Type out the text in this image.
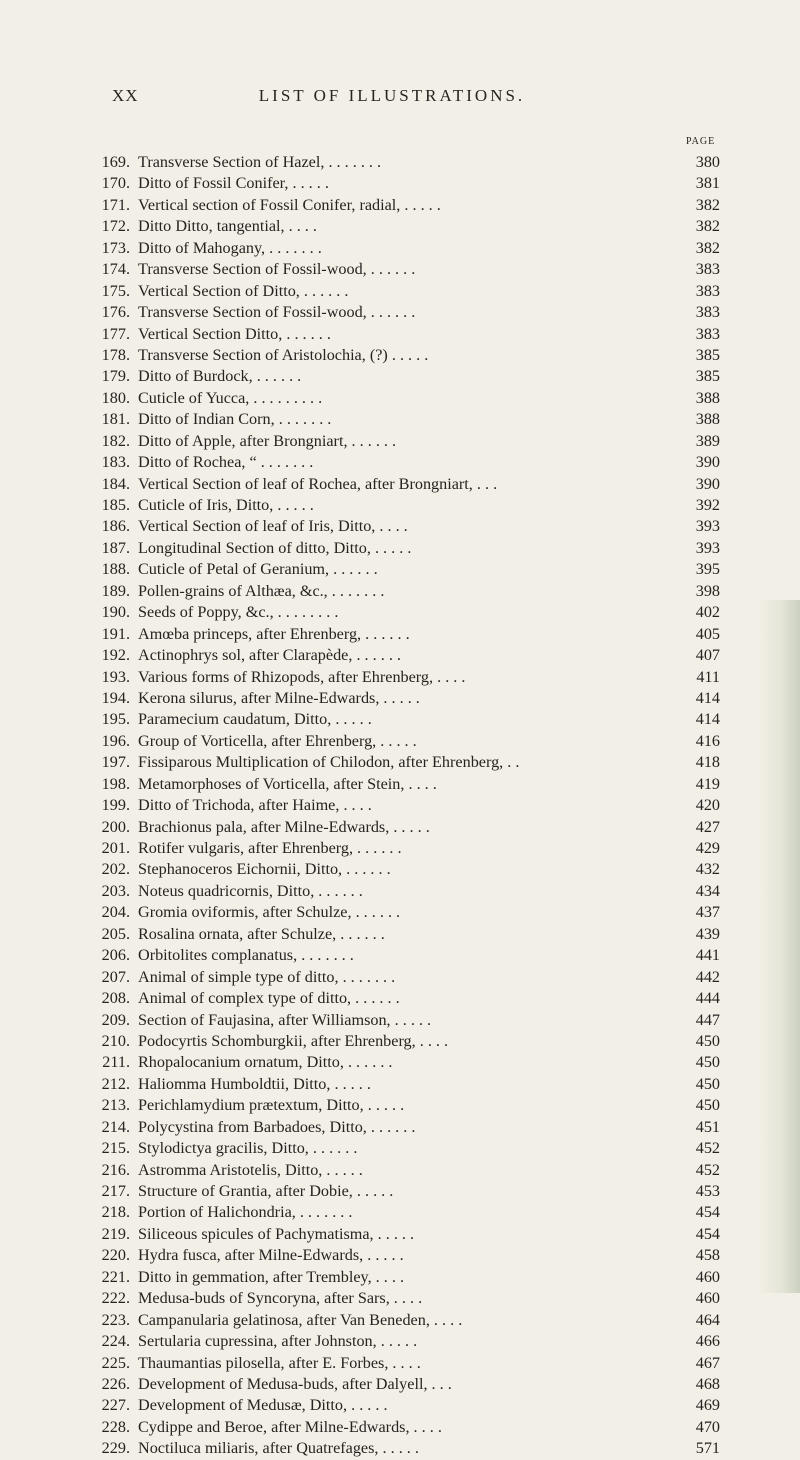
XX	LIST OF ILLUSTRATIONS.
PAGE
169. Transverse Section of Hazel, . . . . . . .	380
170. Ditto of Fossil Conifer, . . . . .	381
171. Vertical section of Fossil Conifer, radial, . . . . .	382
172. Ditto Ditto, tangential, . . . .	382
173. Ditto of Mahogany, . . . . . . .	382
174. Transverse Section of Fossil-wood, . . . . . .	383
175. Vertical Section of Ditto, . . . . . .	383
176. Transverse Section of Fossil-wood, . . . . . .	383
177. Vertical Section Ditto, . . . . . .	383
178. Transverse Section of Aristolochia, (?) . . . . .	385
179. Ditto of Burdock, . . . . . .	385
180. Cuticle of Yucca, . . . . . . . . .	388
181. Ditto of Indian Corn, . . . . . . .	388
182. Ditto of Apple, after Brongniart, . . . . . .	389
183. Ditto of Rochea, “ . . . . . . .	390
184. Vertical Section of leaf of Rochea, after Brongniart, . . .	390
185. Cuticle of Iris, Ditto, . . . . .	392
186. Vertical Section of leaf of Iris, Ditto, . . . .	393
187. Longitudinal Section of ditto, Ditto, . . . . .	393
188. Cuticle of Petal of Geranium, . . . . . .	395
189. Pollen-grains of Althæa, &c., . . . . . . .	398
190. Seeds of Poppy, &c., . . . . . . . .	402
191. Amœba princeps, after Ehrenberg, . . . . . .	405
192. Actinophrys sol, after Clarapède, . . . . . .	407
193. Various forms of Rhizopods, after Ehrenberg, . . . .	411
194. Kerona silurus, after Milne-Edwards, . . . . .	414
195. Paramecium caudatum, Ditto, . . . . .	414
196. Group of Vorticella, after Ehrenberg, . . . . .	416
197. Fissiparous Multiplication of Chilodon, after Ehrenberg, . .	418
198. Metamorphoses of Vorticella, after Stein, . . . .	419
199. Ditto of Trichoda, after Haime, . . . .	420
200. Brachionus pala, after Milne-Edwards, . . . . .	427
201. Rotifer vulgaris, after Ehrenberg, . . . . . .	429
202. Stephanoceros Eichornii, Ditto, . . . . . .	432
203. Noteus quadricornis, Ditto, . . . . . .	434
204. Gromia oviformis, after Schulze, . . . . . .	437
205. Rosalina ornata, after Schulze, . . . . . .	439
206. Orbitolites complanatus, . . . . . . .	441
207. Animal of simple type of ditto, . . . . . . .	442
208. Animal of complex type of ditto, . . . . . .	444
209. Section of Faujasina, after Williamson, . . . . .	447
210. Podocyrtis Schomburgkii, after Ehrenberg, . . . .	450
211. Rhopalocanium ornatum, Ditto, . . . . . .	450
212. Haliomma Humboldtii, Ditto, . . . . .	450
213. Perichlamydium prætextum, Ditto, . . . . .	450
214. Polycystina from Barbadoes, Ditto, . . . . . .	451
215. Stylodictya gracilis, Ditto, . . . . . .	452
216. Astromma Aristotelis, Ditto, . . . . .	452
217. Structure of Grantia, after Dobie, . . . . .	453
218. Portion of Halichondria, . . . . . . .	454
219. Siliceous spicules of Pachymatisma, . . . . .	454
220. Hydra fusca, after Milne-Edwards, . . . . .	458
221. Ditto in gemmation, after Trembley, . . . .	460
222. Medusa-buds of Syncoryna, after Sars, . . . .	460
223. Campanularia gelatinosa, after Van Beneden, . . . .	464
224. Sertularia cupressina, after Johnston, . . . . .	466
225. Thaumantias pilosella, after E. Forbes, . . . .	467
226. Development of Medusa-buds, after Dalyell, . . .	468
227. Development of Medusæ, Ditto, . . . . .	469
228. Cydippe and Beroe, after Milne-Edwards, . . . .	470
229. Noctiluca miliaris, after Quatrefages, . . . . .	571
